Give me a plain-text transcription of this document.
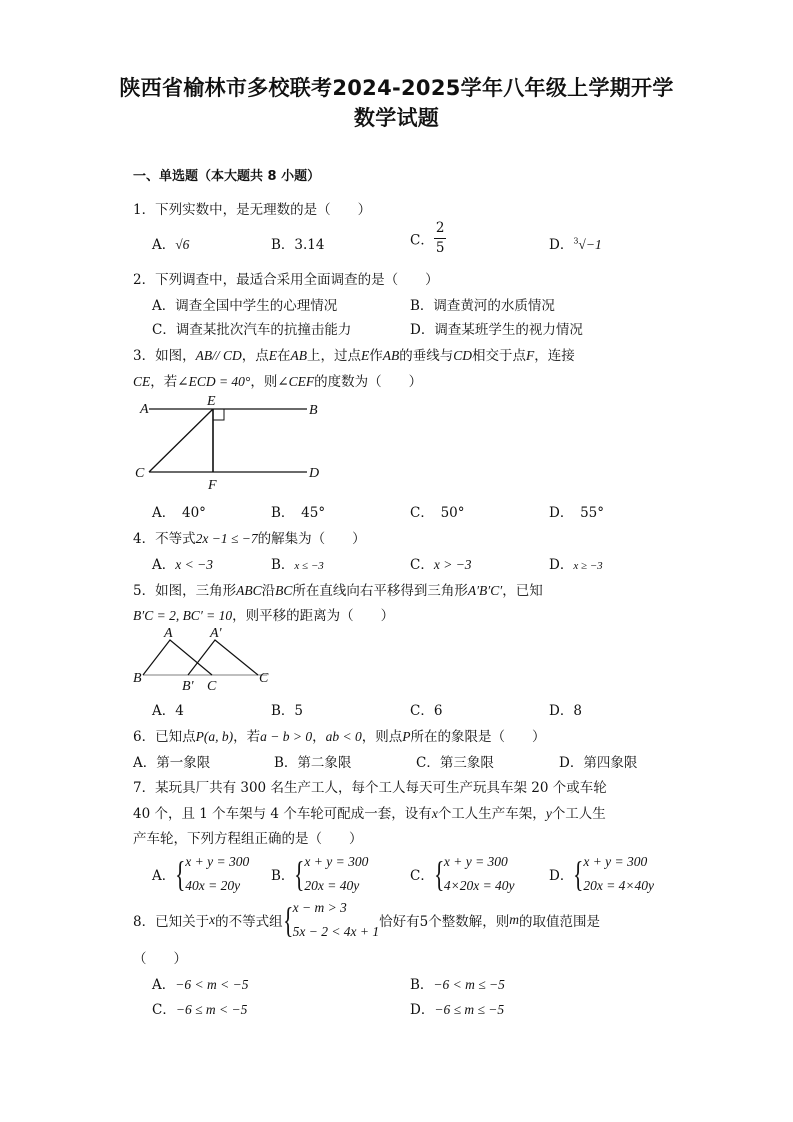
陕西省榆林市多校联考2024-2025学年八年级上学期开学
数学试题
一、单选题（本大题共 8 小题）
1．下列实数中，是无理数的是（　　）
A．√6	B．3.14	C． $\frac{2}{5}$	D．$^3$√−1
2．下列调查中，最适合采用全面调查的是（　　）
A．调查全国中学生的心理情况	B．调查黄河的水质情况
C．调查某批次汽车的抗撞击能力	D．调查某班学生的视力情况
3．如图，AB// CD，点E在AB上，过点E作AB的垂线与CD相交于点F，连接
CE，若∠ECD = 40°，则∠CEF的度数为（　　）
A
E
B
C	D
F
A．　40°	B．　45°	C．　50°	D．　55°
4．不等式2x −1 ≤ −7的解集为（　　）
A．x < −3	B．x ≤ −3	C．x > −3	D．x ≥ −3
5．如图，三角形ABC沿BC所在直线向右平移得到三角形A′B′C′，已知
B′C = 2, BC′ = 10，则平移的距离为（　　）
A	A'
B
B' C
C
A．4	B．5	C．6	D．8
6．已知点P(a, b)，若a − b > 0，ab < 0，则点P所在的象限是（　　）
A．第一象限	B．第二象限	C．第三象限	D．第四象限
7．某玩具厂共有 300 名生产工人，每个工人每天可生产玩具车架 20 个或车轮
40 个，且 1 个车架与 4 个车轮可配成一套，设有x个工人生产车架，y个工人生
产车轮，下列方程组正确的是（　　）
A． { x + y = 300
40x = 20y
B． { x + y = 300
20x = 40y
C． { x + y = 300
4×20x = 40y
D． { x + y = 300
20x = 4×40y
8．已知关于x的不等式组 { x − m > 3
5x − 2 < 4x + 1
恰好有5个整数解，则m的取值范围是
（　　）
A．−6 < m < −5	B．−6 < m ≤ −5
C．−6 ≤ m < −5	D．−6 ≤ m ≤ −5
